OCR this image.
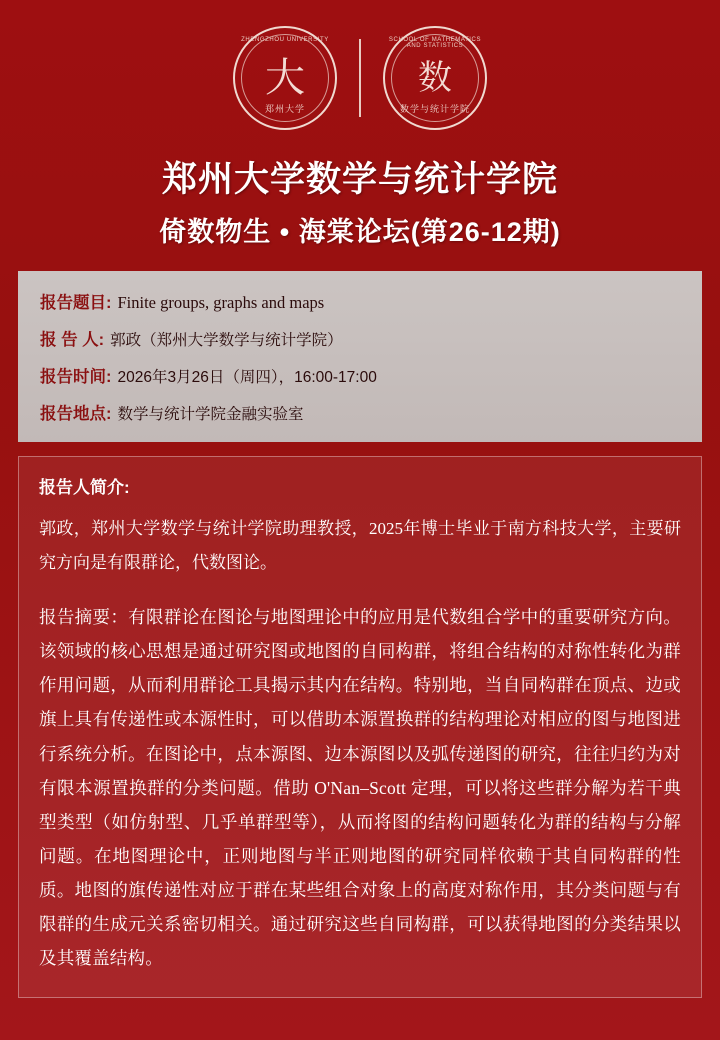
ZHENGZHOU UNIVERSITY
大
郑州大学
SCHOOL OF MATHEMATICS AND STATISTICS
数
数学与统计学院
郑州大学数学与统计学院
倚数物生 • 海棠论坛(第26-12期)
报告题目: Finite groups, graphs and maps
报 告 人: 郭政（郑州大学数学与统计学院）
报告时间: 2026年3月26日（周四），16:00-17:00
报告地点: 数学与统计学院金融实验室
报告人简介:

郭政，郑州大学数学与统计学院助理教授，2025年博士毕业于南方科技大学，主要研究方向是有限群论，代数图论。

报告摘要：有限群论在图论与地图理论中的应用是代数组合学中的重要研究方向。该领域的核心思想是通过研究图或地图的自同构群，将组合结构的对称性转化为群作用问题，从而利用群论工具揭示其内在结构。特别地，当自同构群在顶点、边或旗上具有传递性或本源性时，可以借助本源置换群的结构理论对相应的图与地图进行系统分析。在图论中，点本源图、边本源图以及弧传递图的研究，往往归约为对有限本源置换群的分类问题。借助 O'Nan–Scott 定理，可以将这些群分解为若干典型类型（如仿射型、几乎单群型等），从而将图的结构问题转化为群的结构与分解问题。在地图理论中，正则地图与半正则地图的研究同样依赖于其自同构群的性质。地图的旗传递性对应于群在某些组合对象上的高度对称作用，其分类问题与有限群的生成元关系密切相关。通过研究这些自同构群，可以获得地图的分类结果以及其覆盖结构。
